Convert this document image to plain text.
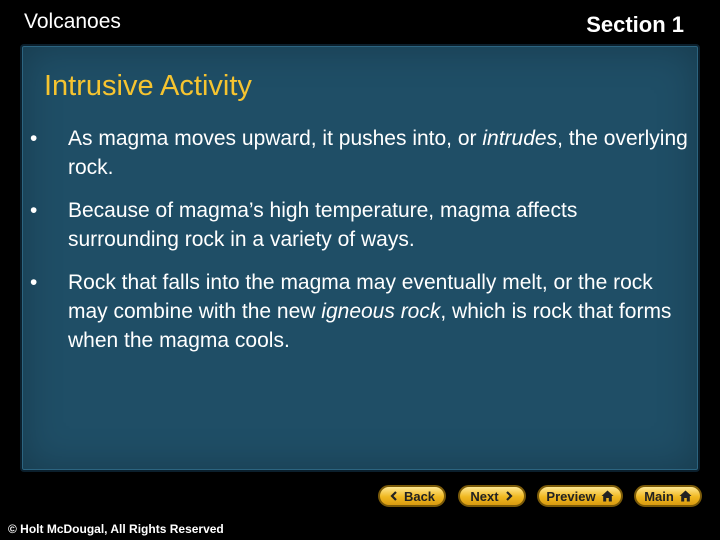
Volcanoes	Section 1
Intrusive Activity
• As magma moves upward, it pushes into, or intrudes, the overlying rock.
• Because of magma’s high temperature, magma affects surrounding rock in a variety of ways.
• Rock that falls into the magma may eventually melt, or the rock may combine with the new igneous rock, which is rock that forms when the magma cools.
Back	Next	Preview	Main
© Holt McDougal, All Rights Reserved
